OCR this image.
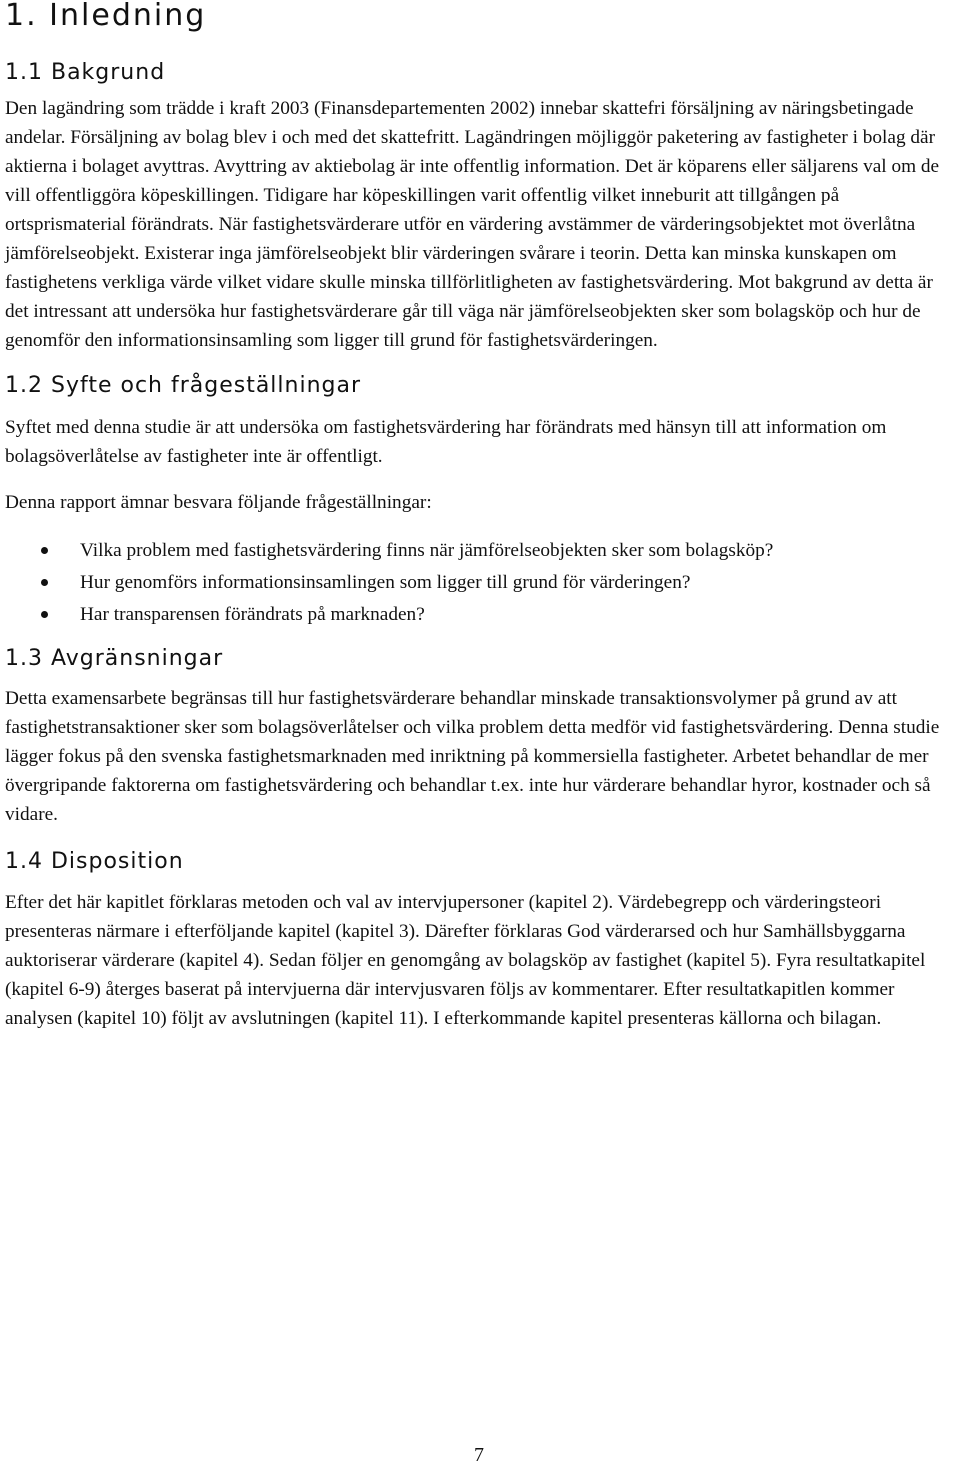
1. Inledning
1.1 Bakgrund

Den lagändring som trädde i kraft 2003 (Finansdepartementen 2002) innebar skattefri försäljning av näringsbetingade andelar. Försäljning av bolag blev i och med det skattefritt. Lagändringen möjliggör paketering av fastigheter i bolag där aktierna i bolaget avyttras. Avyttring av aktiebolag är inte offentlig information. Det är köparens eller säljarens val om de vill offentliggöra köpeskillingen. Tidigare har köpeskillingen varit offentlig vilket inneburit att tillgången på ortsprismaterial förändrats. När fastighetsvärderare utför en värdering avstämmer de värderingsobjektet mot överlåtna jämförelseobjekt. Existerar inga jämförelseobjekt blir värderingen svårare i teorin. Detta kan minska kunskapen om fastighetens verkliga värde vilket vidare skulle minska tillförlitligheten av fastighetsvärdering. Mot bakgrund av detta är det intressant att undersöka hur fastighetsvärderare går till väga när jämförelseobjekten sker som bolagsköp och hur de genomför den informationsinsamling som ligger till grund för fastighetsvärderingen.

1.2 Syfte och frågeställningar

Syftet med denna studie är att undersöka om fastighetsvärdering har förändrats med hänsyn till att information om bolagsöverlåtelse av fastigheter inte är offentligt.

Denna rapport ämnar besvara följande frågeställningar:

Vilka problem med fastighetsvärdering finns när jämförelseobjekten sker som bolagsköp?
Hur genomförs informationsinsamlingen som ligger till grund för värderingen?
Har transparensen förändrats på marknaden?
1.3 Avgränsningar

Detta examensarbete begränsas till hur fastighetsvärderare behandlar minskade transaktionsvolymer på grund av att fastighetstransaktioner sker som bolagsöverlåtelser och vilka problem detta medför vid fastighetsvärdering. Denna studie lägger fokus på den svenska fastighetsmarknaden med inriktning på kommersiella fastigheter. Arbetet behandlar de mer övergripande faktorerna om fastighetsvärdering och behandlar t.ex. inte hur värderare behandlar hyror, kostnader och så vidare.

1.4 Disposition

Efter det här kapitlet förklaras metoden och val av intervjupersoner (kapitel 2). Värdebegrepp och värderingsteori presenteras närmare i efterföljande kapitel (kapitel 3). Därefter förklaras God värderarsed och hur Samhällsbyggarna auktoriserar värderare (kapitel 4). Sedan följer en genomgång av bolagsköp av fastighet (kapitel 5). Fyra resultatkapitel (kapitel 6-9) återges baserat på intervjuerna där intervjusvaren följs av kommentarer. Efter resultatkapitlen kommer analysen (kapitel 10) följt av avslutningen (kapitel 11). I efterkommande kapitel presenteras källorna och bilagan.

7
